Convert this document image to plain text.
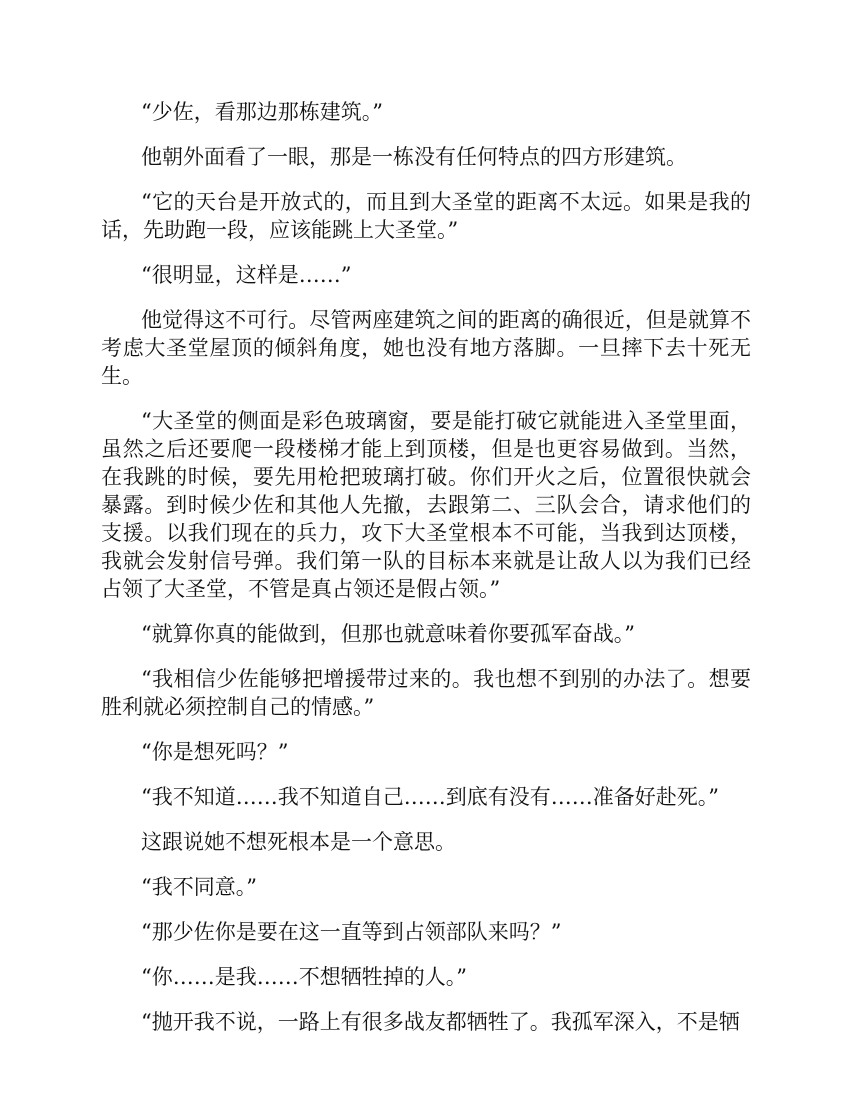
“少佐，看那边那栋建筑。”

他朝外面看了一眼，那是一栋没有任何特点的四方形建筑。

“它的天台是开放式的，而且到大圣堂的距离不太远。如果是我的话，先助跑一段，应该能跳上大圣堂。”

“很明显，这样是……”

他觉得这不可行。尽管两座建筑之间的距离的确很近，但是就算不考虑大圣堂屋顶的倾斜角度，她也没有地方落脚。一旦摔下去十死无生。

“大圣堂的侧面是彩色玻璃窗，要是能打破它就能进入圣堂里面，虽然之后还要爬一段楼梯才能上到顶楼，但是也更容易做到。当然，在我跳的时候，要先用枪把玻璃打破。你们开火之后，位置很快就会暴露。到时候少佐和其他人先撤，去跟第二、三队会合，请求他们的支援。以我们现在的兵力，攻下大圣堂根本不可能，当我到达顶楼，我就会发射信号弹。我们第一队的目标本来就是让敌人以为我们已经占领了大圣堂，不管是真占领还是假占领。”

“就算你真的能做到，但那也就意味着你要孤军奋战。”

“我相信少佐能够把增援带过来的。我也想不到别的办法了。想要胜利就必须控制自己的情感。”

“你是想死吗？”

“我不知道……我不知道自己……到底有没有……准备好赴死。”

这跟说她不想死根本是一个意思。

“我不同意。”

“那少佐你是要在这一直等到占领部队来吗？”

“你……是我……不想牺牲掉的人。”

“抛开我不说，一路上有很多战友都牺牲了。我孤军深入，不是牺
